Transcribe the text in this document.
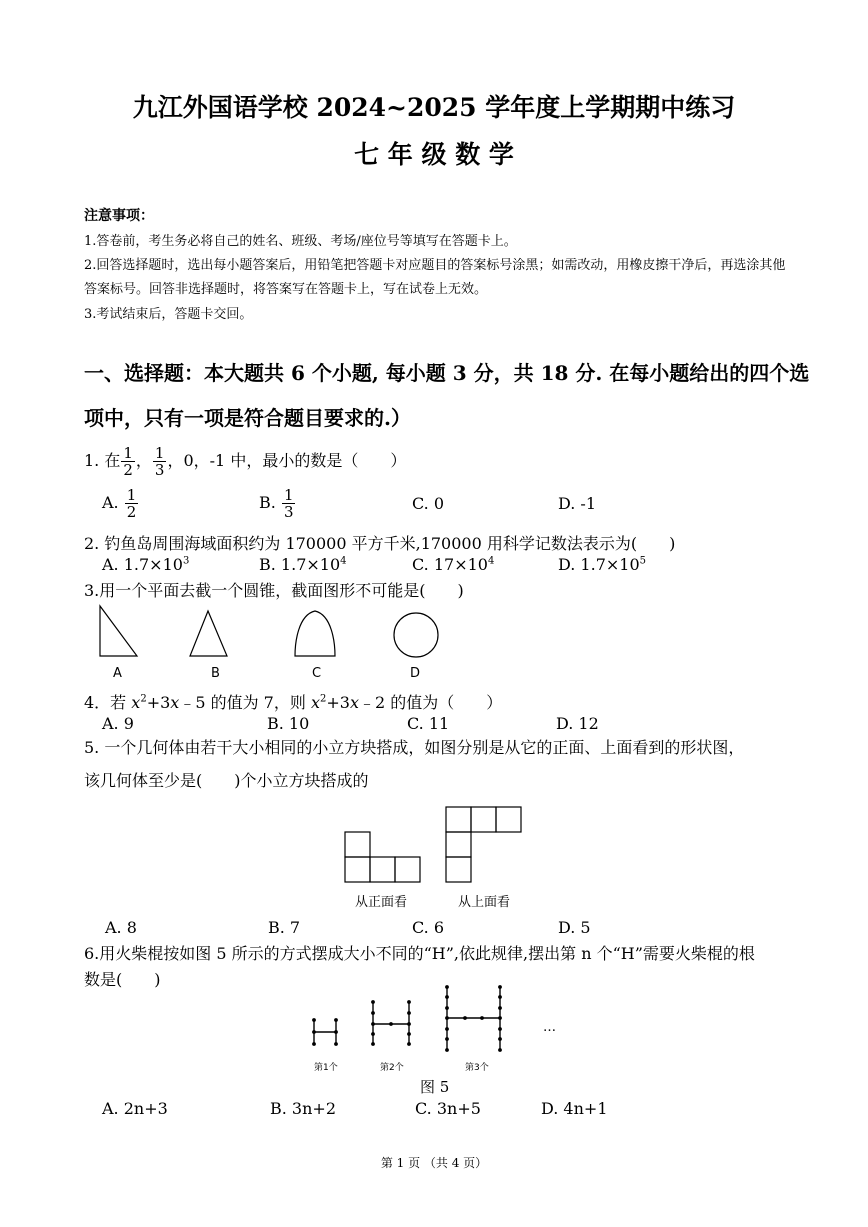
九江外国语学校 2024~2025 学年度上学期期中练习
七 年 级 数 学
注意事项：
1.答卷前，考生务必将自己的姓名、班级、考场/座位号等填写在答题卡上。
2.回答选择题时，选出每小题答案后，用铅笔把答题卡对应题目的答案标号涂黑；如需改动，用橡皮擦干净后，再选涂其他
答案标号。回答非选择题时，将答案写在答题卡上，写在试卷上无效。
3.考试结束后，答题卡交回。
一、选择题：本大题共 6 个小题, 每小题 3 分，共 18 分. 在每小题给出的四个选
项中，只有一项是符合题目要求的.）
1. 在 $\frac{1}{2}$ ， $\frac{1}{3}$ ，0，-1 中，最小的数是（　　）
A. $\frac{1}{2}$	B. $\frac{1}{3}$	C. 0	D. -1
2. 钓鱼岛周围海域面积约为 170000 平方千米,170000 用科学记数法表示为(　　)
A. $1.7\times 10^3$	B. $1.7\times 10^4$	C. $17\times 10^4$	D. $1.7\times 10^5$
3.用一个平面去截一个圆锥，截面图形不可能是(　　)
A	B	C	D
4．若 $x^2+3x﹣5$ 的值为 7，则 $x^2+3x﹣2$ 的值为（　　）
A. 9	B. 10	C. 11	D. 12
5. 一个几何体由若干大小相同的小立方块搭成，如图分别是从它的正面、上面看到的形状图，
该几何体至少是(　　)个小立方块搭成的
从正面看	从上面看
A. 8	B. 7	C. 6	D. 5
6.用火柴棍按如图 5 所示的方式摆成大小不同的“H”,依此规律,摆出第 n 个“H”需要火柴棍的根
数是(　　)
第1个	第2个	第3个
…
图 5
A. 2n+3	B. 3n+2	C. 3n+5	D. 4n+1
第 1 页 （共 4 页）
